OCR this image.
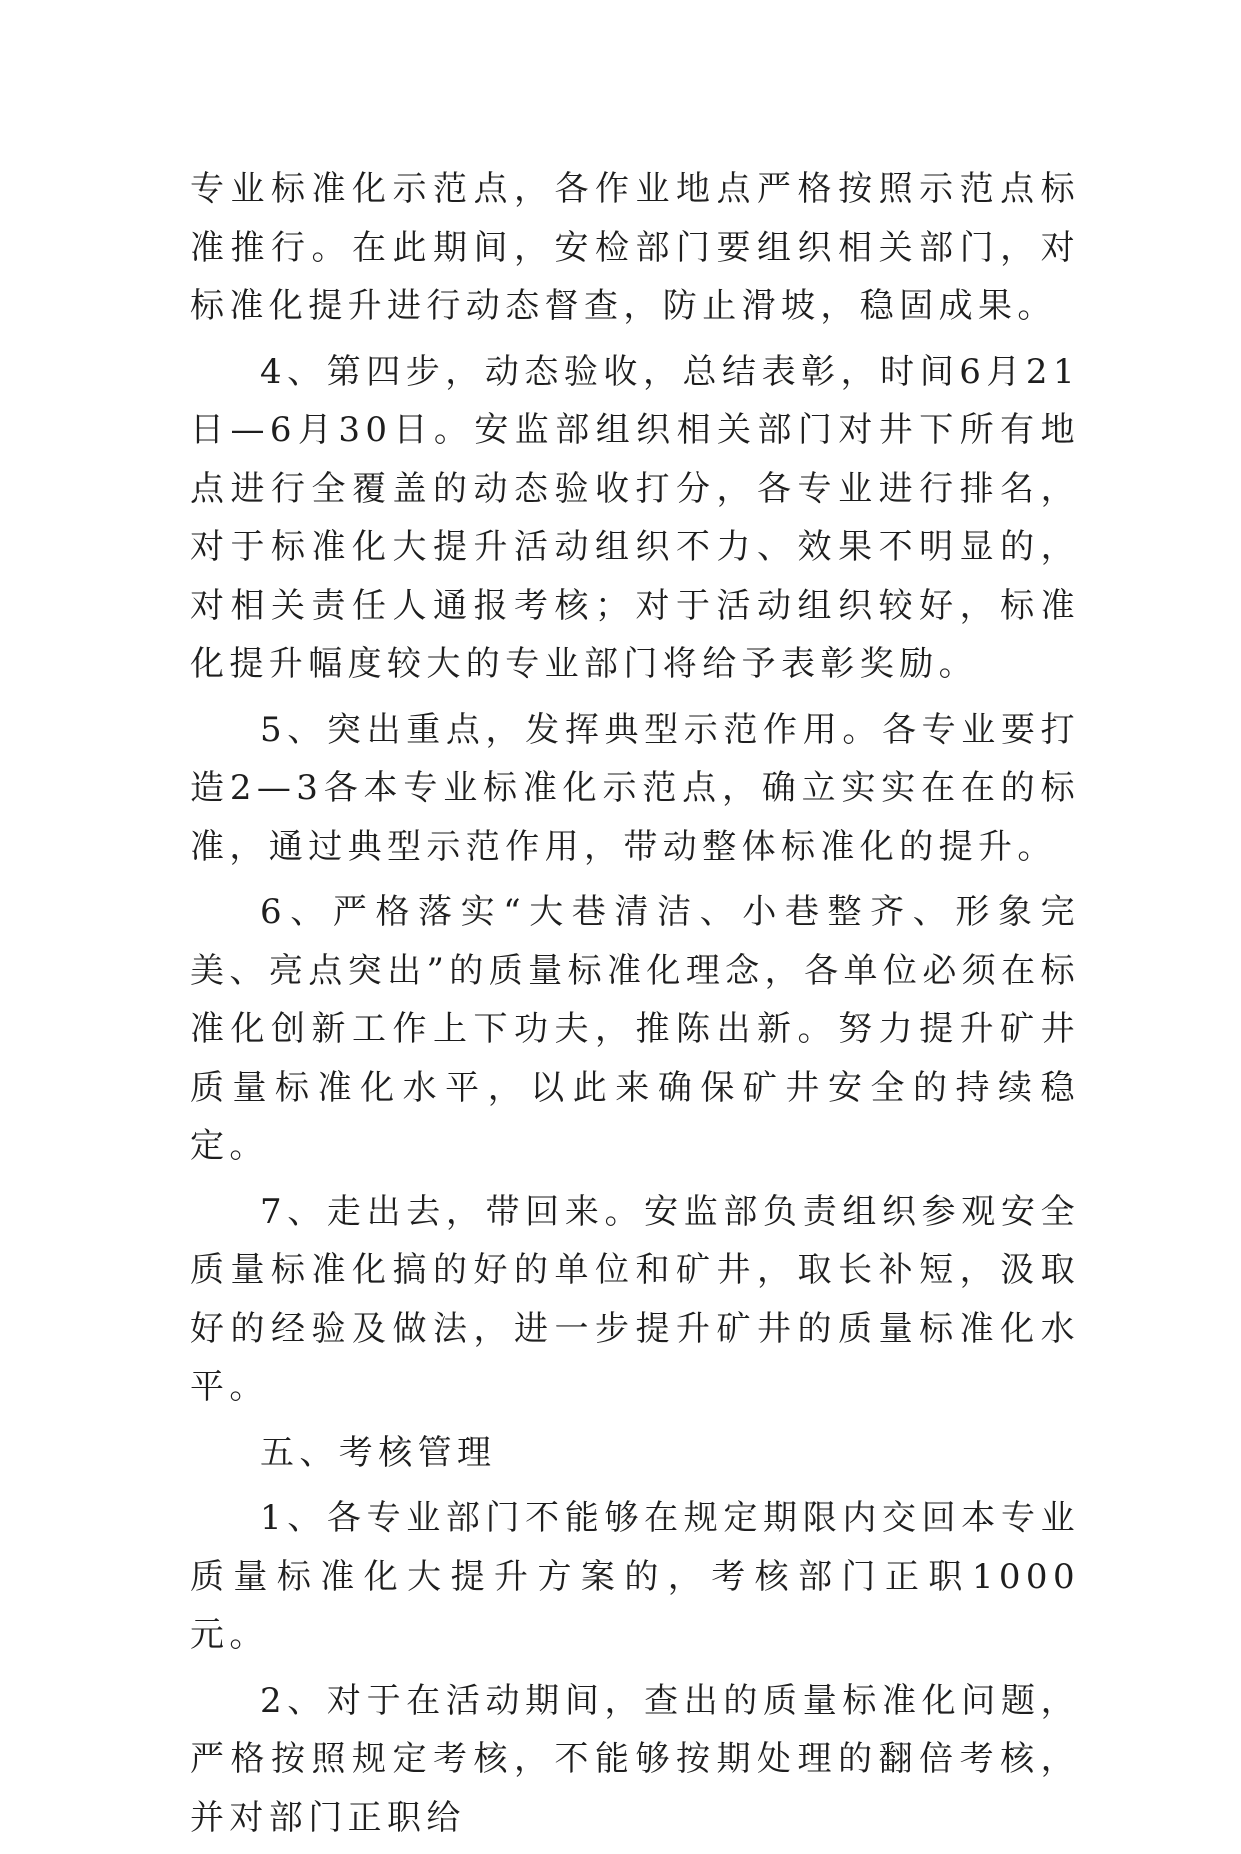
专业标准化示范点，各作业地点严格按照示范点标准推行。在此期间，安检部门要组织相关部门，对标准化提升进行动态督查，防止滑坡，稳固成果。

4、第四步，动态验收，总结表彰，时间6月21日—6月30日。安监部组织相关部门对井下所有地点进行全覆盖的动态验收打分，各专业进行排名，对于标准化大提升活动组织不力、效果不明显的，对相关责任人通报考核；对于活动组织较好，标准化提升幅度较大的专业部门将给予表彰奖励。

5、突出重点，发挥典型示范作用。各专业要打造2—3各本专业标准化示范点，确立实实在在的标准，通过典型示范作用，带动整体标准化的提升。

6、严格落实“大巷清洁、小巷整齐、形象完美、亮点突出”的质量标准化理念，各单位必须在标准化创新工作上下功夫，推陈出新。努力提升矿井质量标准化水平，以此来确保矿井安全的持续稳定。

7、走出去，带回来。安监部负责组织参观安全质量标准化搞的好的单位和矿井，取长补短，汲取好的经验及做法，进一步提升矿井的质量标准化水平。

五、考核管理

1、各专业部门不能够在规定期限内交回本专业质量标准化大提升方案的，考核部门正职1000元。

2、对于在活动期间，查出的质量标准化问题，严格按照规定考核，不能够按期处理的翻倍考核，并对部门正职给
